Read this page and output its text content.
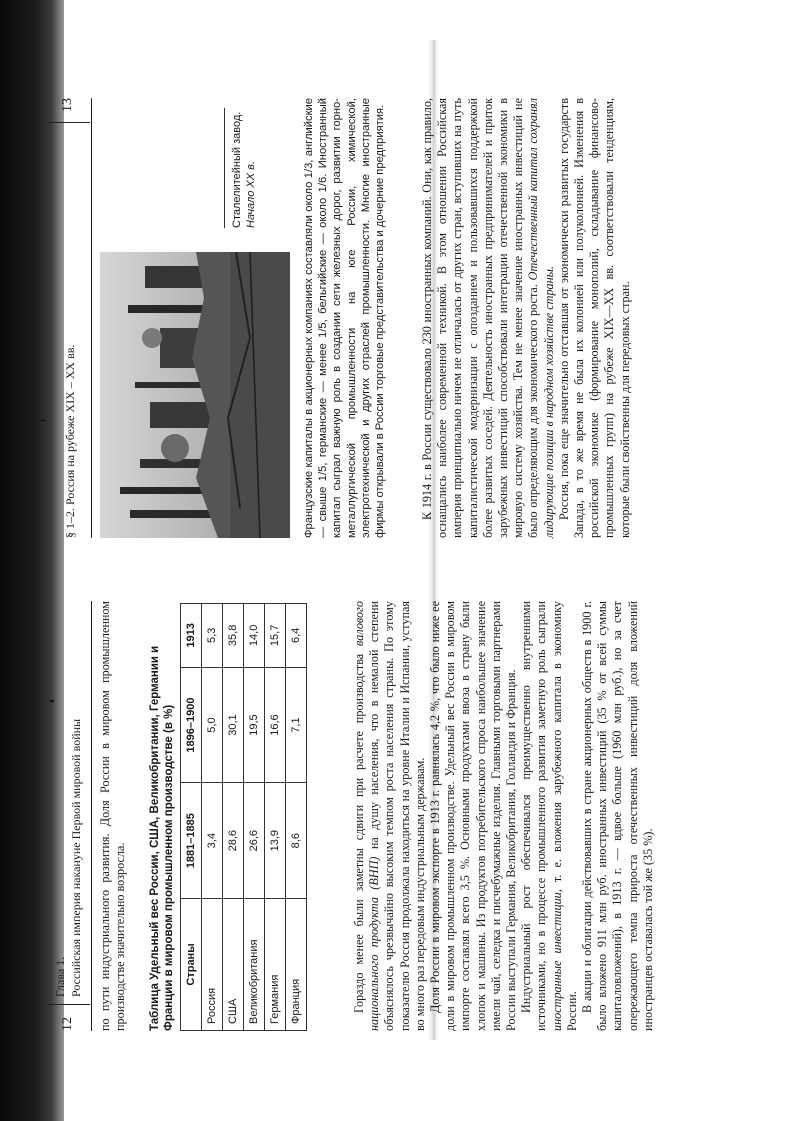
12
Глава 1. Российская империя накануне Первой мировой войны по пути индустриального развития. Доля России в мировом промышленном производстве значительно возросла. Таблица Удельный вес России, США, Великобритании, Германии и Франции в мировом промышленном производстве (в %) Страны	1881–1885	1896–1900	1913
Россия	3,4	5,0	5,3
США	28,6	30,1	35,8
Великобритания	26,6	19,5	14,0
Германия	13,9	16,6	15,7
Франция	8,6	7,1	6,4

Гораздо менее были заметны сдвиги при расчете производства валового национального продукта (ВНП) на душу населения, что в немалой степени объяснялось чрезвычайно высоким темпом роста населения страны. По этому показателю Россия продолжала находиться на уровне Италии и Испании, уступая во много раз передовым индустриальным державам. Доля России в мировом экспорте в 1913 г. равнялась 4,2 %, что было ниже ее доли в мировом промышленном производстве. Удельный вес России в мировом импорте составлял всего 3,5 %. Основными продуктами ввоза в страну были хлопок и машины. Из продуктов потребительского спроса наибольшее значение имели чай, селедка и писчебумажные изделия. Главными торговыми партнерами России выступали Германия, Великобритания, Голландия и Франция. Индустриальный рост обеспечивался преимущественно внутренними источниками, но в процессе промышленного развития заметную роль сыграли иностранные инвестиции, т. е. вложения зарубежного капитала в экономику России. В акции и облигации действовавших в стране акционерных обществ в 1900 г. было вложено 911 млн руб. иностранных инвестиций (35 % от всей суммы капиталовложений), в 1913 г. — вдвое больше (1960 млн руб.), но за счет опережающего темпа прироста отечественных инвестиций доля вложений иностранцев оставалась той же (35 %).

§ 1–2. Россия на рубеже XIX – XX вв.
13
Сталелитейный завод. Начало XX в.	Французские капиталы в акционерных компаниях составляли около 1/3, английские — свыше 1/5, германские — менее 1/5, бельгийские — около 1/6. Иностранный капитал сыграл важную роль в создании сети железных дорог, развитии горно-металлургической промышленности на юге России, химической, электротехнической и других отраслей промышленности. Многие иностранные фирмы открывали в России торговые представительства и дочерние предприятия.	К 1914 г. в России существовало 230 иностранных компаний. Они, как правило, оснащались наиболее современной техникой. В этом отношении Российская империя принципиально ничем не отличалась от других стран, вступивших на путь капиталистической модернизации с опозданием и пользовавшихся поддержкой более развитых соседей. Деятельность иностранных предпринимателей и приток зарубежных инвестиций способствовали интеграции отечественной экономики в мировую систему хозяйства. Тем не менее значение иностранных инвестиций не было определяющим для экономического роста. Отечественный капитал сохранял лидирующие позиции в народном хозяйстве страны. Россия, пока еще значительно отставшая от экономически развитых государств Запада, в то же время не была их колонией или полуколонией. Изменения в российской экономике (формирование монополий, складывание финансово-промышленных групп) на рубеже XIX—XX вв. соответствовали тенденциям, которые были свойственны для передовых стран.
